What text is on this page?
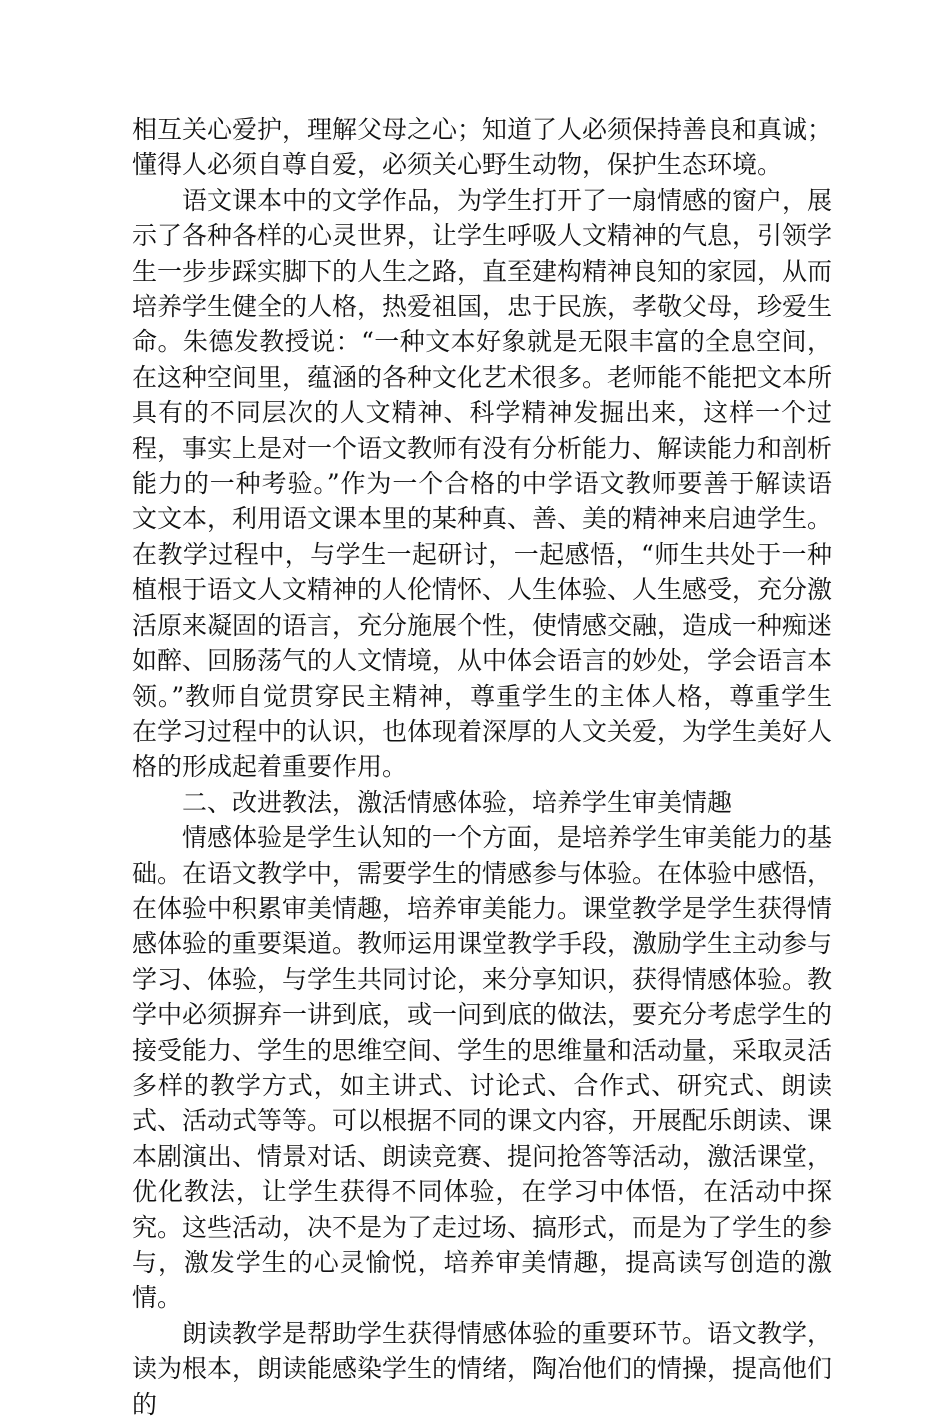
相互关心爱护，理解父母之心；知道了人必须保持善良和真诚；懂得人必须自尊自爱，必须关心野生动物，保护生态环境。

语文课本中的文学作品，为学生打开了一扇情感的窗户，展示了各种各样的心灵世界，让学生呼吸人文精神的气息，引领学生一步步踩实脚下的人生之路，直至建构精神良知的家园，从而培养学生健全的人格，热爱祖国，忠于民族，孝敬父母，珍爱生命。朱德发教授说：“一种文本好象就是无限丰富的全息空间，在这种空间里，蕴涵的各种文化艺术很多。老师能不能把文本所具有的不同层次的人文精神、科学精神发掘出来，这样一个过程，事实上是对一个语文教师有没有分析能力、解读能力和剖析能力的一种考验。”作为一个合格的中学语文教师要善于解读语文文本，利用语文课本里的某种真、善、美的精神来启迪学生。在教学过程中，与学生一起研讨，一起感悟，“师生共处于一种植根于语文人文精神的人伦情怀、人生体验、人生感受，充分激活原来凝固的语言，充分施展个性，使情感交融，造成一种痴迷如醉、回肠荡气的人文情境，从中体会语言的妙处，学会语言本领。”教师自觉贯穿民主精神，尊重学生的主体人格，尊重学生在学习过程中的认识，也体现着深厚的人文关爱，为学生美好人格的形成起着重要作用。

二、改进教法，激活情感体验，培养学生审美情趣

情感体验是学生认知的一个方面，是培养学生审美能力的基础。在语文教学中，需要学生的情感参与体验。在体验中感悟，在体验中积累审美情趣，培养审美能力。课堂教学是学生获得情感体验的重要渠道。教师运用课堂教学手段，激励学生主动参与学习、体验，与学生共同讨论，来分享知识，获得情感体验。教学中必须摒弃一讲到底，或一问到底的做法，要充分考虑学生的接受能力、学生的思维空间、学生的思维量和活动量，采取灵活多样的教学方式，如主讲式、讨论式、合作式、研究式、朗读式、活动式等等。可以根据不同的课文内容，开展配乐朗读、课本剧演出、情景对话、朗读竞赛、提问抢答等活动，激活课堂，优化教法，让学生获得不同体验，在学习中体悟，在活动中探究。这些活动，决不是为了走过场、搞形式，而是为了学生的参与，激发学生的心灵愉悦，培养审美情趣，提高读写创造的激情。

朗读教学是帮助学生获得情感体验的重要环节。语文教学，读为根本，朗读能感染学生的情绪，陶冶他们的情操，提高他们的
